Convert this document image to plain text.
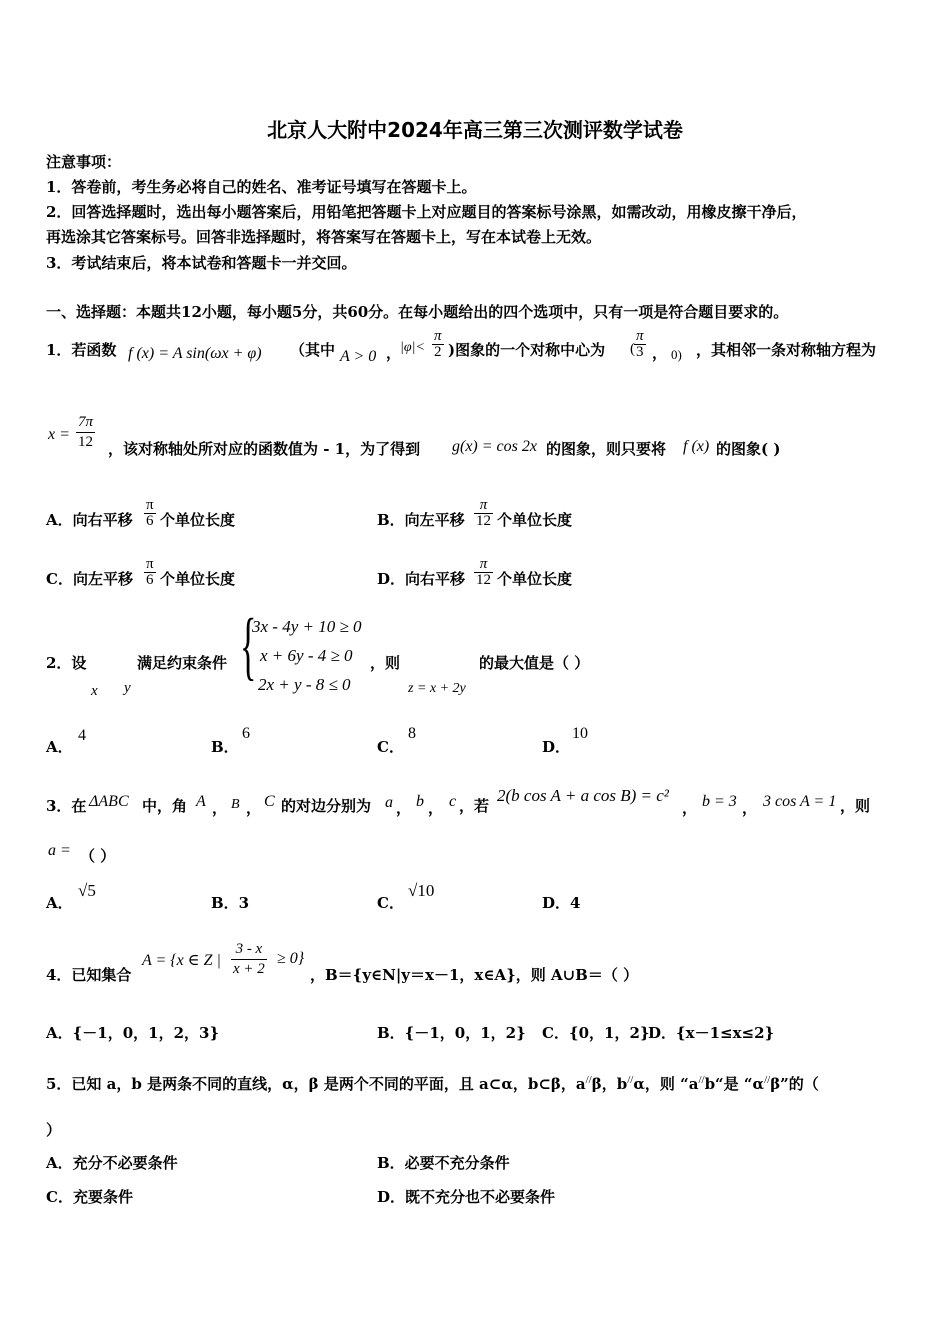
北京人大附中2024年高三第三次测评数学试卷
注意事项：
1．答卷前，考生务必将自己的姓名、准考证号填写在答题卡上。
2．回答选择题时，选出每小题答案后，用铅笔把答题卡上对应题目的答案标号涂黑，如需改动，用橡皮擦干净后，
再选涂其它答案标号。回答非选择题时，将答案写在答题卡上，写在本试卷上无效。
3．考试结束后，将本试卷和答题卡一并交回。
一、选择题：本题共12小题，每小题5分，共60分。在每小题给出的四个选项中，只有一项是符合题目要求的。
1．若函数 f (x) = A sin(ωx + φ) （其中 A > 0 ，
$|\varphi|< \frac{\pi}{2}$ )图象的一个对称中心为 ( $\frac{\pi}{3}$ ， 0) ，其相邻一条对称轴方程为
$x = \frac{7\pi}{12}$ ，该对称轴处所对应的函数值为 - 1，为了得到 g(x) = cos 2x 的图象，则只要将 f (x) 的图象( )
A．向右平移 $\frac{\pi}{6}$ 个单位长度	B．向左平移 $\frac{\pi}{12}$ 个单位长度
C．向左平移 $\frac{\pi}{6}$ 个单位长度	D．向右平移 $\frac{\pi}{12}$ 个单位长度
2．设
x y
满足约束条件 {
3x - 4y + 10 ≥ 0
x + 6y - 4 ≥ 0
2x + y - 8 ≤ 0
，则
z = x + 2y
的最大值是（ ）
A．
4
B．
6
C．
8
D．
10
3．在 ΔABC 中，角 A ， B ， C 的对边分别为 a ， b ， c ，若
2(b cos A + a cos B) = c²
， b = 3 ， 3 cos A = 1 ，则
a = （ ）
A．
√5
B．3	C．
√10
D．4
4．已知集合
A = {x ∈ Z | $\frac{3 - x}{x + 2} \ge 0$}
，B＝{y∈N|y＝x－1，x∈A}，则 A∪B＝（ ）
A．{－1，0，1，2，3}	B．{－1，0，1，2} C．{0，1，2}
D．{x－1≤x≤2}
5．已知 a，b 是两条不同的直线，α，β 是两个不同的平面，且 a⊂α，b⊂β，a//β，b//α，则 “a//b“是 “α//β”的（
）
A．充分不必要条件	B．必要不充分条件
C．充要条件	D．既不充分也不必要条件
